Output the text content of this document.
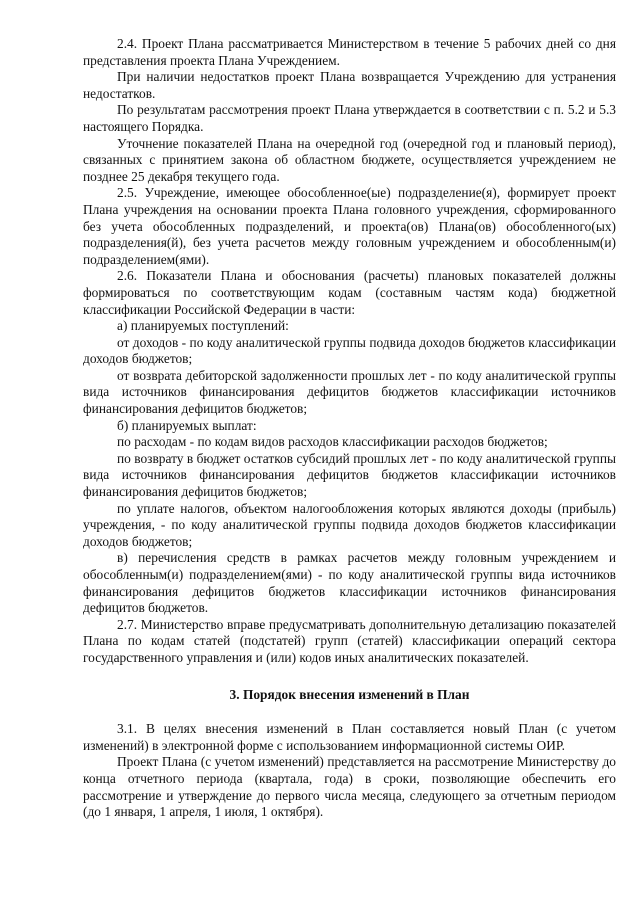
2.4. Проект Плана рассматривается Министерством в течение 5 рабочих дней со дня представления проекта Плана Учреждением.

При наличии недостатков проект Плана возвращается Учреждению для устранения недостатков.

По результатам рассмотрения проект Плана утверждается в соответствии с п. 5.2 и 5.3 настоящего Порядка.

Уточнение показателей Плана на очередной год (очередной год и плановый период), связанных с принятием закона об областном бюджете, осуществляется учреждением не позднее 25 декабря текущего года.

2.5. Учреждение, имеющее обособленное(ые) подразделение(я), формирует проект Плана учреждения на основании проекта Плана головного учреждения, сформированного без учета обособленных подразделений, и проекта(ов) Плана(ов) обособленного(ых) подразделения(й), без учета расчетов между головным учреждением и обособленным(и) подразделением(ями).

2.6. Показатели Плана и обоснования (расчеты) плановых показателей должны формироваться по соответствующим кодам (составным частям кода) бюджетной классификации Российской Федерации в части:

а) планируемых поступлений:

от доходов - по коду аналитической группы подвида доходов бюджетов классификации доходов бюджетов;

от возврата дебиторской задолженности прошлых лет - по коду аналитической группы вида источников финансирования дефицитов бюджетов классификации источников финансирования дефицитов бюджетов;

б) планируемых выплат:

по расходам - по кодам видов расходов классификации расходов бюджетов;

по возврату в бюджет остатков субсидий прошлых лет - по коду аналитической группы вида источников финансирования дефицитов бюджетов классификации источников финансирования дефицитов бюджетов;

по уплате налогов, объектом налогообложения которых являются доходы (прибыль) учреждения, - по коду аналитической группы подвида доходов бюджетов классификации доходов бюджетов;

в) перечисления средств в рамках расчетов между головным учреждением и обособленным(и) подразделением(ями) - по коду аналитической группы вида источников финансирования дефицитов бюджетов классификации источников финансирования дефицитов бюджетов.

2.7. Министерство вправе предусматривать дополнительную детализацию показателей Плана по кодам статей (подстатей) групп (статей) классификации операций сектора государственного управления и (или) кодов иных аналитических показателей.

3. Порядок внесения изменений в План

3.1. В целях внесения изменений в План составляется новый План (с учетом изменений) в электронной форме с использованием информационной системы ОИР.

Проект Плана (с учетом изменений) представляется на рассмотрение Министерству до конца отчетного периода (квартала, года) в сроки, позволяющие обеспечить его рассмотрение и утверждение до первого числа месяца, следующего за отчетным периодом (до 1 января, 1 апреля, 1 июля, 1 октября).
